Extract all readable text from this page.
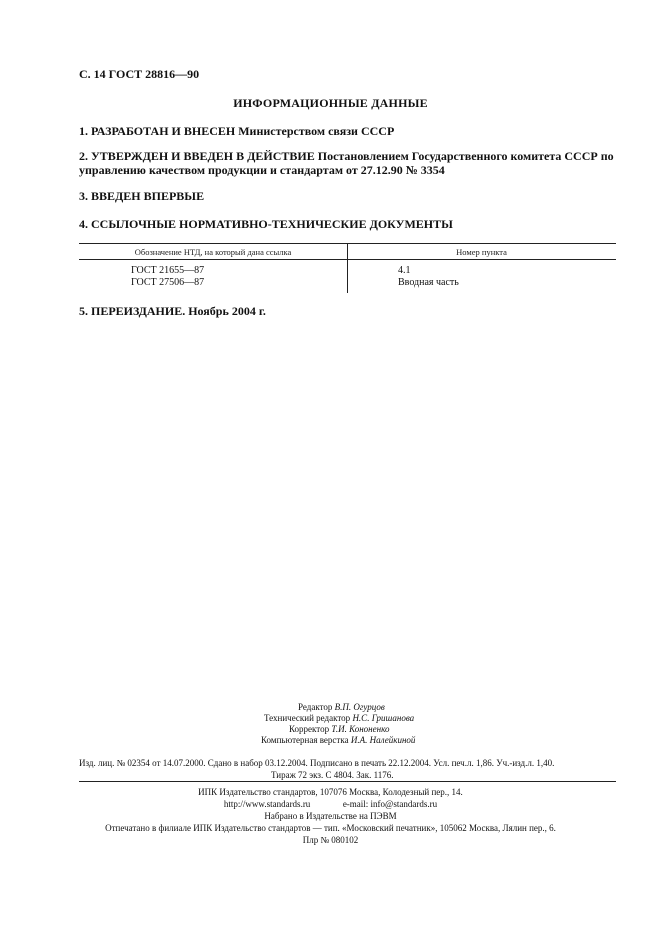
С. 14 ГОСТ 28816—90
ИНФОРМАЦИОННЫЕ ДАННЫЕ
1. РАЗРАБОТАН И ВНЕСЕН Министерством связи СССР
2. УТВЕРЖДЕН И ВВЕДЕН В ДЕЙСТВИЕ Постановлением Государственного комитета СССР по управлению качеством продукции и стандартам от 27.12.90 № 3354
3. ВВЕДЕН ВПЕРВЫЕ
4. ССЫЛОЧНЫЕ НОРМАТИВНО-ТЕХНИЧЕСКИЕ ДОКУМЕНТЫ
Обозначение НТД, на который дана ссылка	Номер пункта
ГОСТ 21655—87	4.1
ГОСТ 27506—87	Вводная часть
5. ПЕРЕИЗДАНИЕ. Ноябрь 2004 г.
Редактор В.П. Огурцов
Технический редактор Н.С. Гришанова
Корректор Т.И. Кононенко
Компьютерная верстка И.А. Налейкиной
Изд. лиц. № 02354 от 14.07.2000. Сдано в набор 03.12.2004. Подписано в печать 22.12.2004. Усл. печ.л. 1,86. Уч.-изд.л. 1,40.
Тираж 72 экз. С 4804. Зак. 1176.
ИПК Издательство стандартов, 107076 Москва, Колодезный пер., 14.
http://www.standards.ru	e-mail: info@standards.ru
Набрано в Издательстве на ПЭВМ
Отпечатано в филиале ИПК Издательство стандартов — тип. «Московский печатник», 105062 Москва, Лялин пер., 6.
Плр № 080102
